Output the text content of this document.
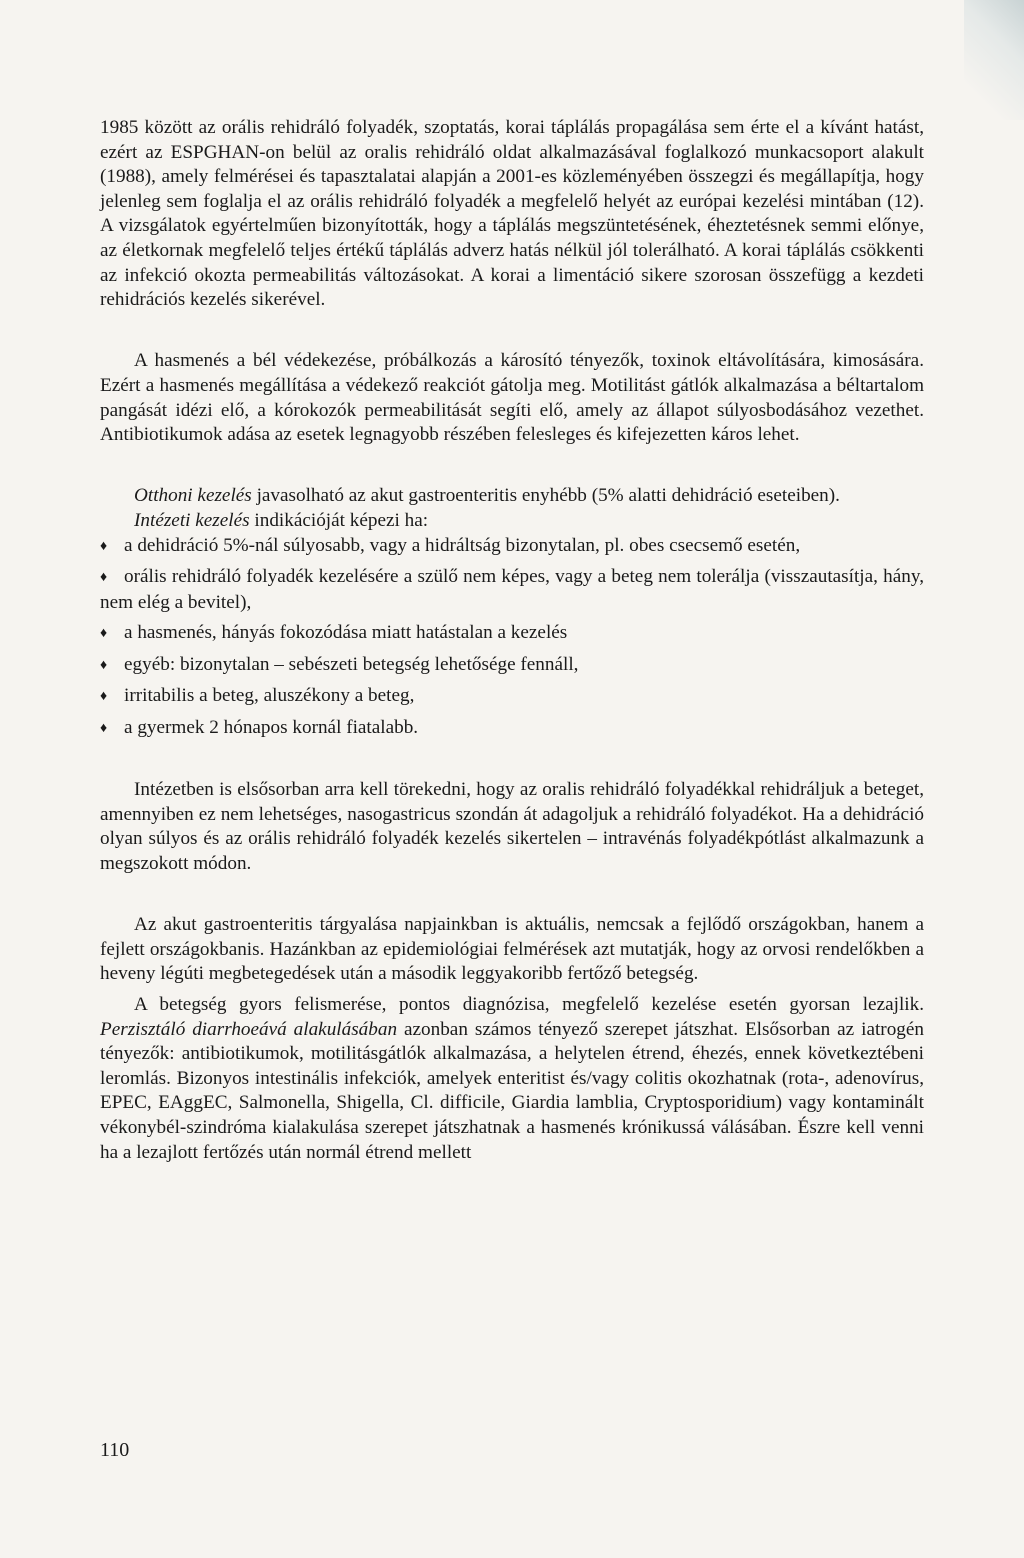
1985 között az orális rehidráló folyadék, szoptatás, korai táplálás propagálása sem érte el a kívánt hatást, ezért az ESPGHAN-on belül az oralis rehidráló oldat alkalmazásával foglalkozó munkacsoport alakult (1988), amely felmérései és tapasztalatai alapján a 2001-es közleményében összegzi és megállapítja, hogy jelenleg sem foglalja el az orális rehidráló folyadék a megfelelő helyét az európai kezelési mintában (12). A vizsgálatok egyértelműen bizonyították, hogy a táplálás megszüntetésének, éheztetésnek semmi előnye, az életkornak megfelelő teljes értékű táplálás adverz hatás nélkül jól tolerálható. A korai táplálás csökkenti az infekció okozta permeabilitás változásokat. A korai a limentáció sikere szorosan összefügg a kezdeti rehidrációs kezelés sikerével.

A hasmenés a bél védekezése, próbálkozás a károsító tényezők, toxinok eltávolítására, kimosására. Ezért a hasmenés megállítása a védekező reakciót gátolja meg. Motilitást gátlók alkalmazása a béltartalom pangását idézi elő, a kórokozók permeabilitását segíti elő, amely az állapot súlyosbodásához vezethet. Antibiotikumok adása az esetek legnagyobb részében felesleges és kifejezetten káros lehet.

Otthoni kezelés javasolható az akut gastroenteritis enyhébb (5% alatti dehidráció eseteiben).

Intézeti kezelés indikációját képezi ha:

♦ a dehidráció 5%-nál súlyosabb, vagy a hidráltság bizonytalan, pl. obes csecsemő esetén,
♦ orális rehidráló folyadék kezelésére a szülő nem képes, vagy a beteg nem tolerálja (visszautasítja, hány, nem elég a bevitel),
♦ a hasmenés, hányás fokozódása miatt hatástalan a kezelés
♦ egyéb: bizonytalan – sebészeti betegség lehetősége fennáll,
♦ irritabilis a beteg, aluszékony a beteg,
♦ a gyermek 2 hónapos kornál fiatalabb.

Intézetben is elsősorban arra kell törekedni, hogy az oralis rehidráló folyadékkal rehidráljuk a beteget, amennyiben ez nem lehetséges, nasogastricus szondán át adagoljuk a rehidráló folyadékot. Ha a dehidráció olyan súlyos és az orális rehidráló folyadék kezelés sikertelen – intravénás folyadékpótlást alkalmazunk a megszokott módon.

Az akut gastroenteritis tárgyalása napjainkban is aktuális, nemcsak a fejlődő országokban, hanem a fejlett országokbanis. Hazánkban az epidemiológiai felmérések azt mutatják, hogy az orvosi rendelőkben a heveny légúti megbetegedések után a második leggyakoribb fertőző betegség.

A betegség gyors felismerése, pontos diagnózisa, megfelelő kezelése esetén gyorsan lezajlik. Perzisztáló diarrhoeává alakulásában azonban számos tényező szerepet játszhat. Elsősorban az iatrogén tényezők: antibiotikumok, motilitásgátlók alkalmazása, a helytelen étrend, éhezés, ennek következtébeni leromlás. Bizonyos intestinális infekciók, amelyek enteritist és/vagy colitis okozhatnak (rota-, adenovírus, EPEC, EAggEC, Salmonella, Shigella, Cl. difficile, Giardia lamblia, Cryptosporidium) vagy kontaminált vékonybél-szindróma kialakulása szerepet játszhatnak a hasmenés krónikussá válásában. Észre kell venni ha a lezajlott fertőzés után normál étrend mellett

110
